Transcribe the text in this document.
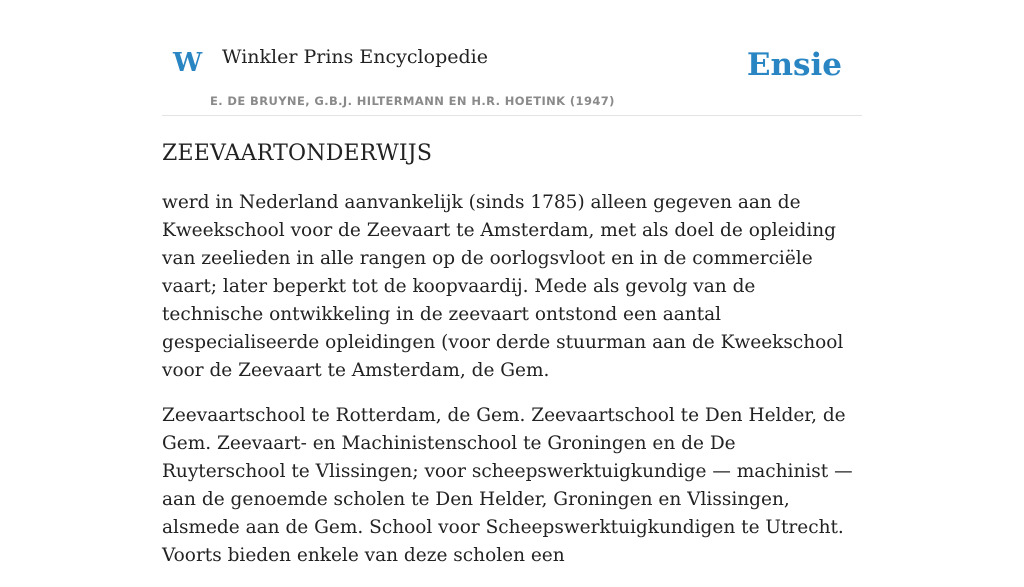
W Winkler Prins Encyclopedie
E. DE BRUYNE, G.B.J. HILTERMANN EN H.R. HOETINK (1947)
Ensie
ZEEVAARTONDERWIJS

werd in Nederland aanvankelijk (sinds 1785) alleen gegeven aan de Kweekschool voor de Zeevaart te Amsterdam, met als doel de opleiding van zeelieden in alle rangen op de oorlogsvloot en in de commerciële vaart; later beperkt tot de koopvaardij. Mede als gevolg van de technische ontwikkeling in de zeevaart ontstond een aantal gespecialiseerde opleidingen (voor derde stuurman aan de Kweekschool voor de Zeevaart te Amsterdam, de Gem.

Zeevaartschool te Rotterdam, de Gem. Zeevaartschool te Den Helder, de Gem. Zeevaart- en Machinistenschool te Groningen en de De Ruyterschool te Vlissingen; voor scheepswerktuigkundige — machinist — aan de genoemde scholen te Den Helder, Groningen en Vlissingen, alsmede aan de Gem. School voor Scheepswerktuigkundigen te Utrecht. Voorts bieden enkele van deze scholen een
